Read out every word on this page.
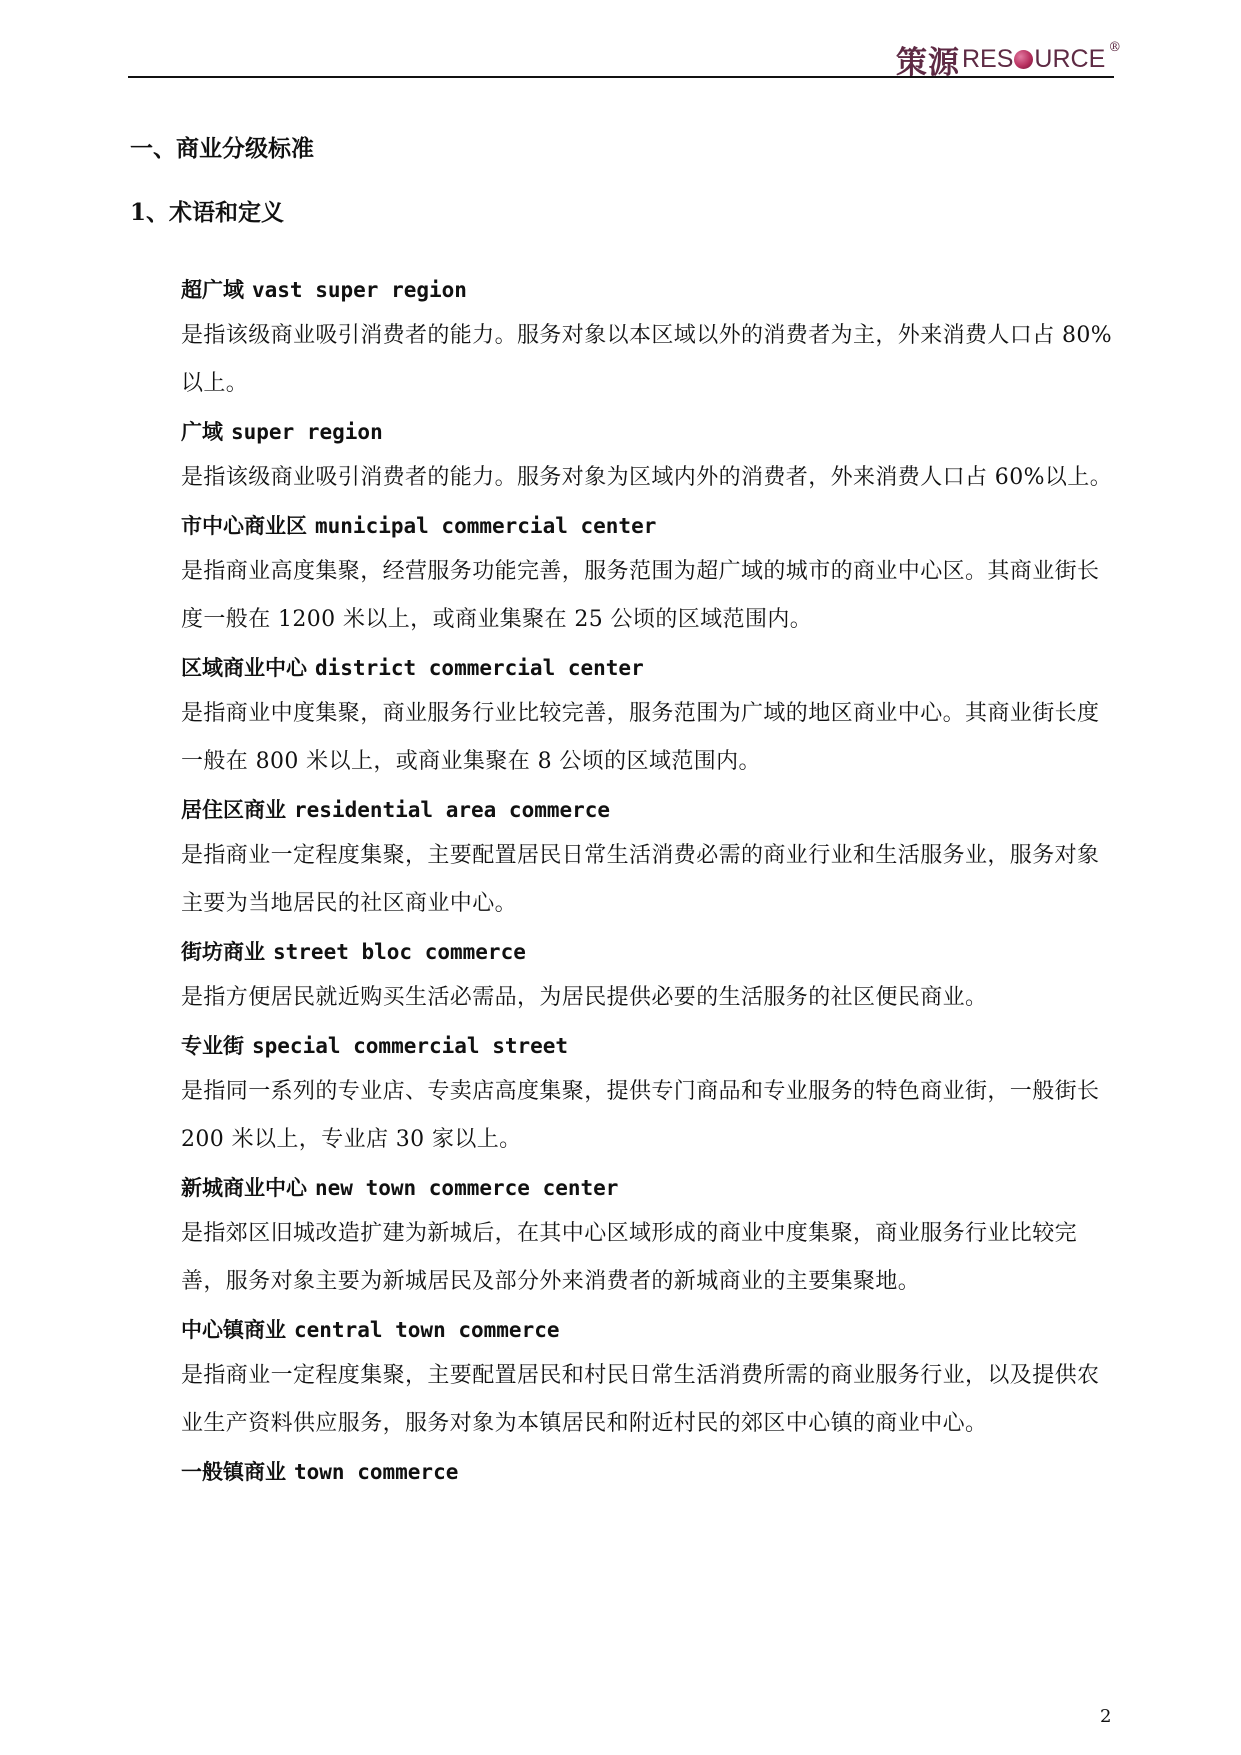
策源 RES URCE ®
一、商业分级标准
1、术语和定义
超广域 vast super region
是指该级商业吸引消费者的能力。服务对象以本区域以外的消费者为主，外来消费人口占 80%以上。
广域 super region
是指该级商业吸引消费者的能力。服务对象为区域内外的消费者，外来消费人口占 60%以上。
市中心商业区 municipal commercial center
是指商业高度集聚，经营服务功能完善，服务范围为超广域的城市的商业中心区。其商业街长度一般在 1200 米以上，或商业集聚在 25 公顷的区域范围内。
区域商业中心 district commercial center
是指商业中度集聚，商业服务行业比较完善，服务范围为广域的地区商业中心。其商业街长度一般在 800 米以上，或商业集聚在 8 公顷的区域范围内。
居住区商业 residential area commerce
是指商业一定程度集聚，主要配置居民日常生活消费必需的商业行业和生活服务业，服务对象主要为当地居民的社区商业中心。
街坊商业 street bloc commerce
是指方便居民就近购买生活必需品，为居民提供必要的生活服务的社区便民商业。
专业街 special commercial street
是指同一系列的专业店、专卖店高度集聚，提供专门商品和专业服务的特色商业街，一般街长 200 米以上，专业店 30 家以上。
新城商业中心 new town commerce center
是指郊区旧城改造扩建为新城后，在其中心区域形成的商业中度集聚，商业服务行业比较完善，服务对象主要为新城居民及部分外来消费者的新城商业的主要集聚地。
中心镇商业 central town commerce
是指商业一定程度集聚，主要配置居民和村民日常生活消费所需的商业服务行业，以及提供农业生产资料供应服务，服务对象为本镇居民和附近村民的郊区中心镇的商业中心。
一般镇商业 town commerce
2
